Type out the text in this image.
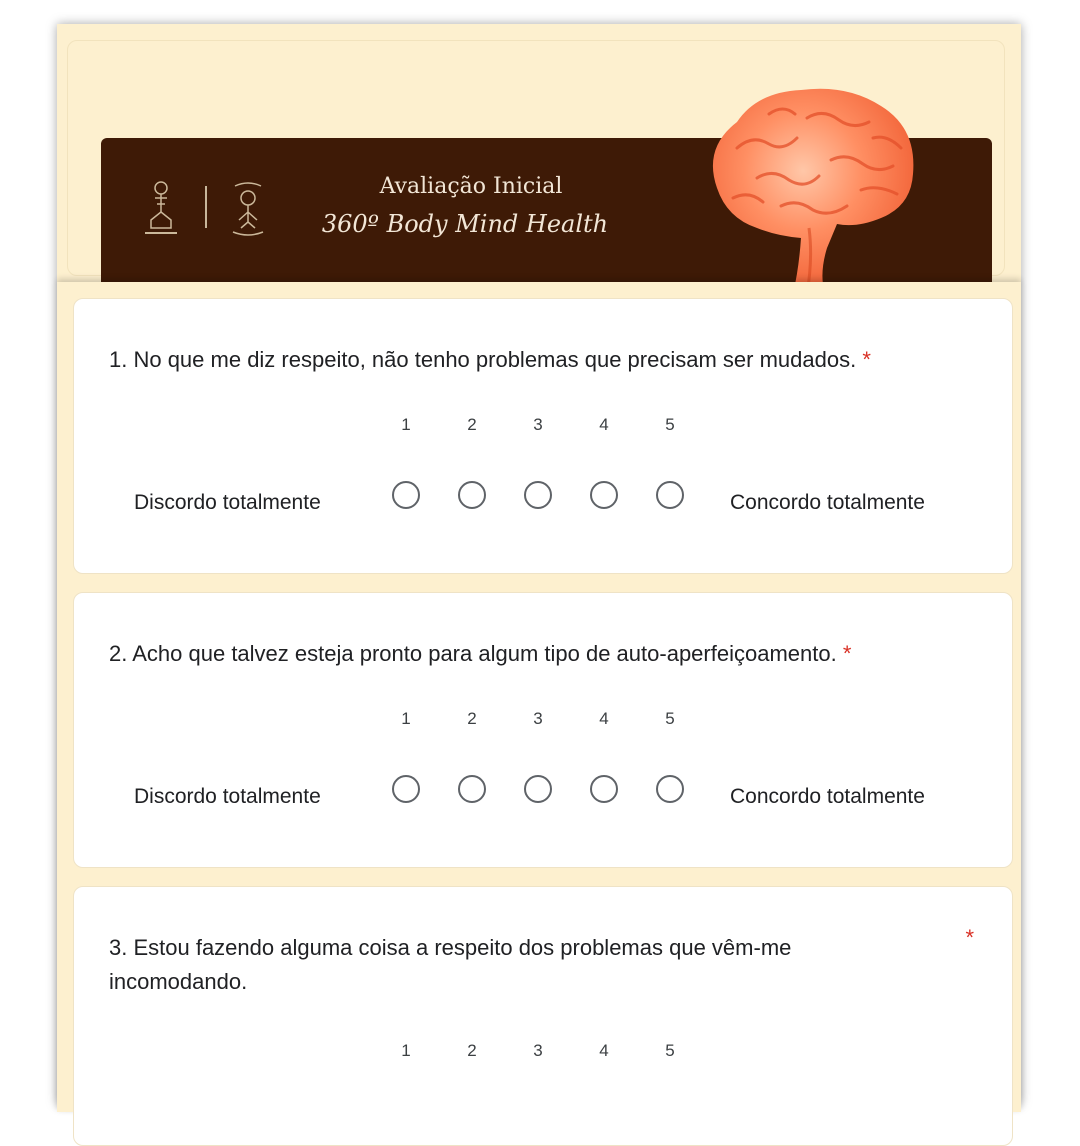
Avaliação Inicial
360º Body Mind Health
1. No que me diz respeito, não tenho problemas que precisam ser mudados. *
1	2	3	4	5
Discordo totalmente	Concordo totalmente
2. Acho que talvez esteja pronto para algum tipo de auto-aperfeiçoamento. *
1	2	3	4	5
Discordo totalmente	Concordo totalmente
3. Estou fazendo alguma coisa a respeito dos problemas que vêm-me incomodando.
*
1	2	3	4	5
